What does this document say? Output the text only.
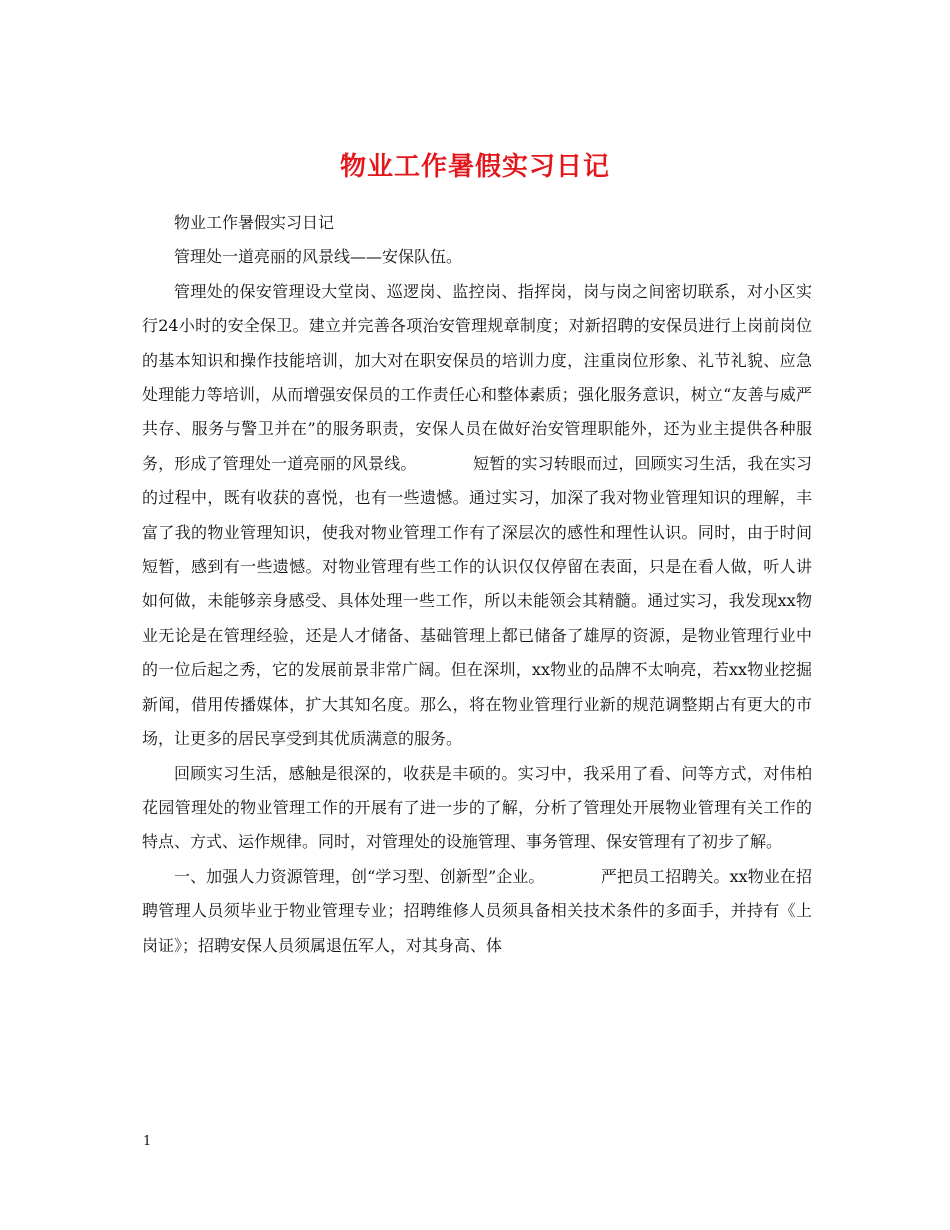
物业工作暑假实习日记

物业工作暑假实习日记

管理处一道亮丽的风景线——安保队伍。

管理处的保安管理设大堂岗、巡逻岗、监控岗、指挥岗，岗与岗之间密切联系，对小区实行24小时的安全保卫。建立并完善各项治安管理规章制度；对新招聘的安保员进行上岗前岗位的基本知识和操作技能培训，加大对在职安保员的培训力度，注重岗位形象、礼节礼貌、应急处理能力等培训，从而增强安保员的工作责任心和整体素质；强化服务意识，树立“友善与威严共存、服务与警卫并在”的服务职责，安保人员在做好治安管理职能外，还为业主提供各种服务，形成了管理处一道亮丽的风景线。　　　　短暂的实习转眼而过，回顾实习生活，我在实习的过程中，既有收获的喜悦，也有一些遗憾。通过实习，加深了我对物业管理知识的理解，丰富了我的物业管理知识，使我对物业管理工作有了深层次的感性和理性认识。同时，由于时间短暂，感到有一些遗憾。对物业管理有些工作的认识仅仅停留在表面，只是在看人做，听人讲如何做，未能够亲身感受、具体处理一些工作，所以未能领会其精髓。通过实习，我发现xx物业无论是在管理经验，还是人才储备、基础管理上都已储备了雄厚的资源，是物业管理行业中的一位后起之秀，它的发展前景非常广阔。但在深圳，xx物业的品牌不太响亮，若xx物业挖掘新闻，借用传播媒体，扩大其知名度。那么，将在物业管理行业新的规范调整期占有更大的市场，让更多的居民享受到其优质满意的服务。

回顾实习生活，感触是很深的，收获是丰硕的。实习中，我采用了看、问等方式，对伟柏花园管理处的物业管理工作的开展有了进一步的了解，分析了管理处开展物业管理有关工作的特点、方式、运作规律。同时，对管理处的设施管理、事务管理、保安管理有了初步了解。

一、加强人力资源管理，创“学习型、创新型”企业。　　　　严把员工招聘关。xx物业在招聘管理人员须毕业于物业管理专业；招聘维修人员须具备相关技术条件的多面手，并持有《上岗证》；招聘安保人员须属退伍军人，对其身高、体

1
